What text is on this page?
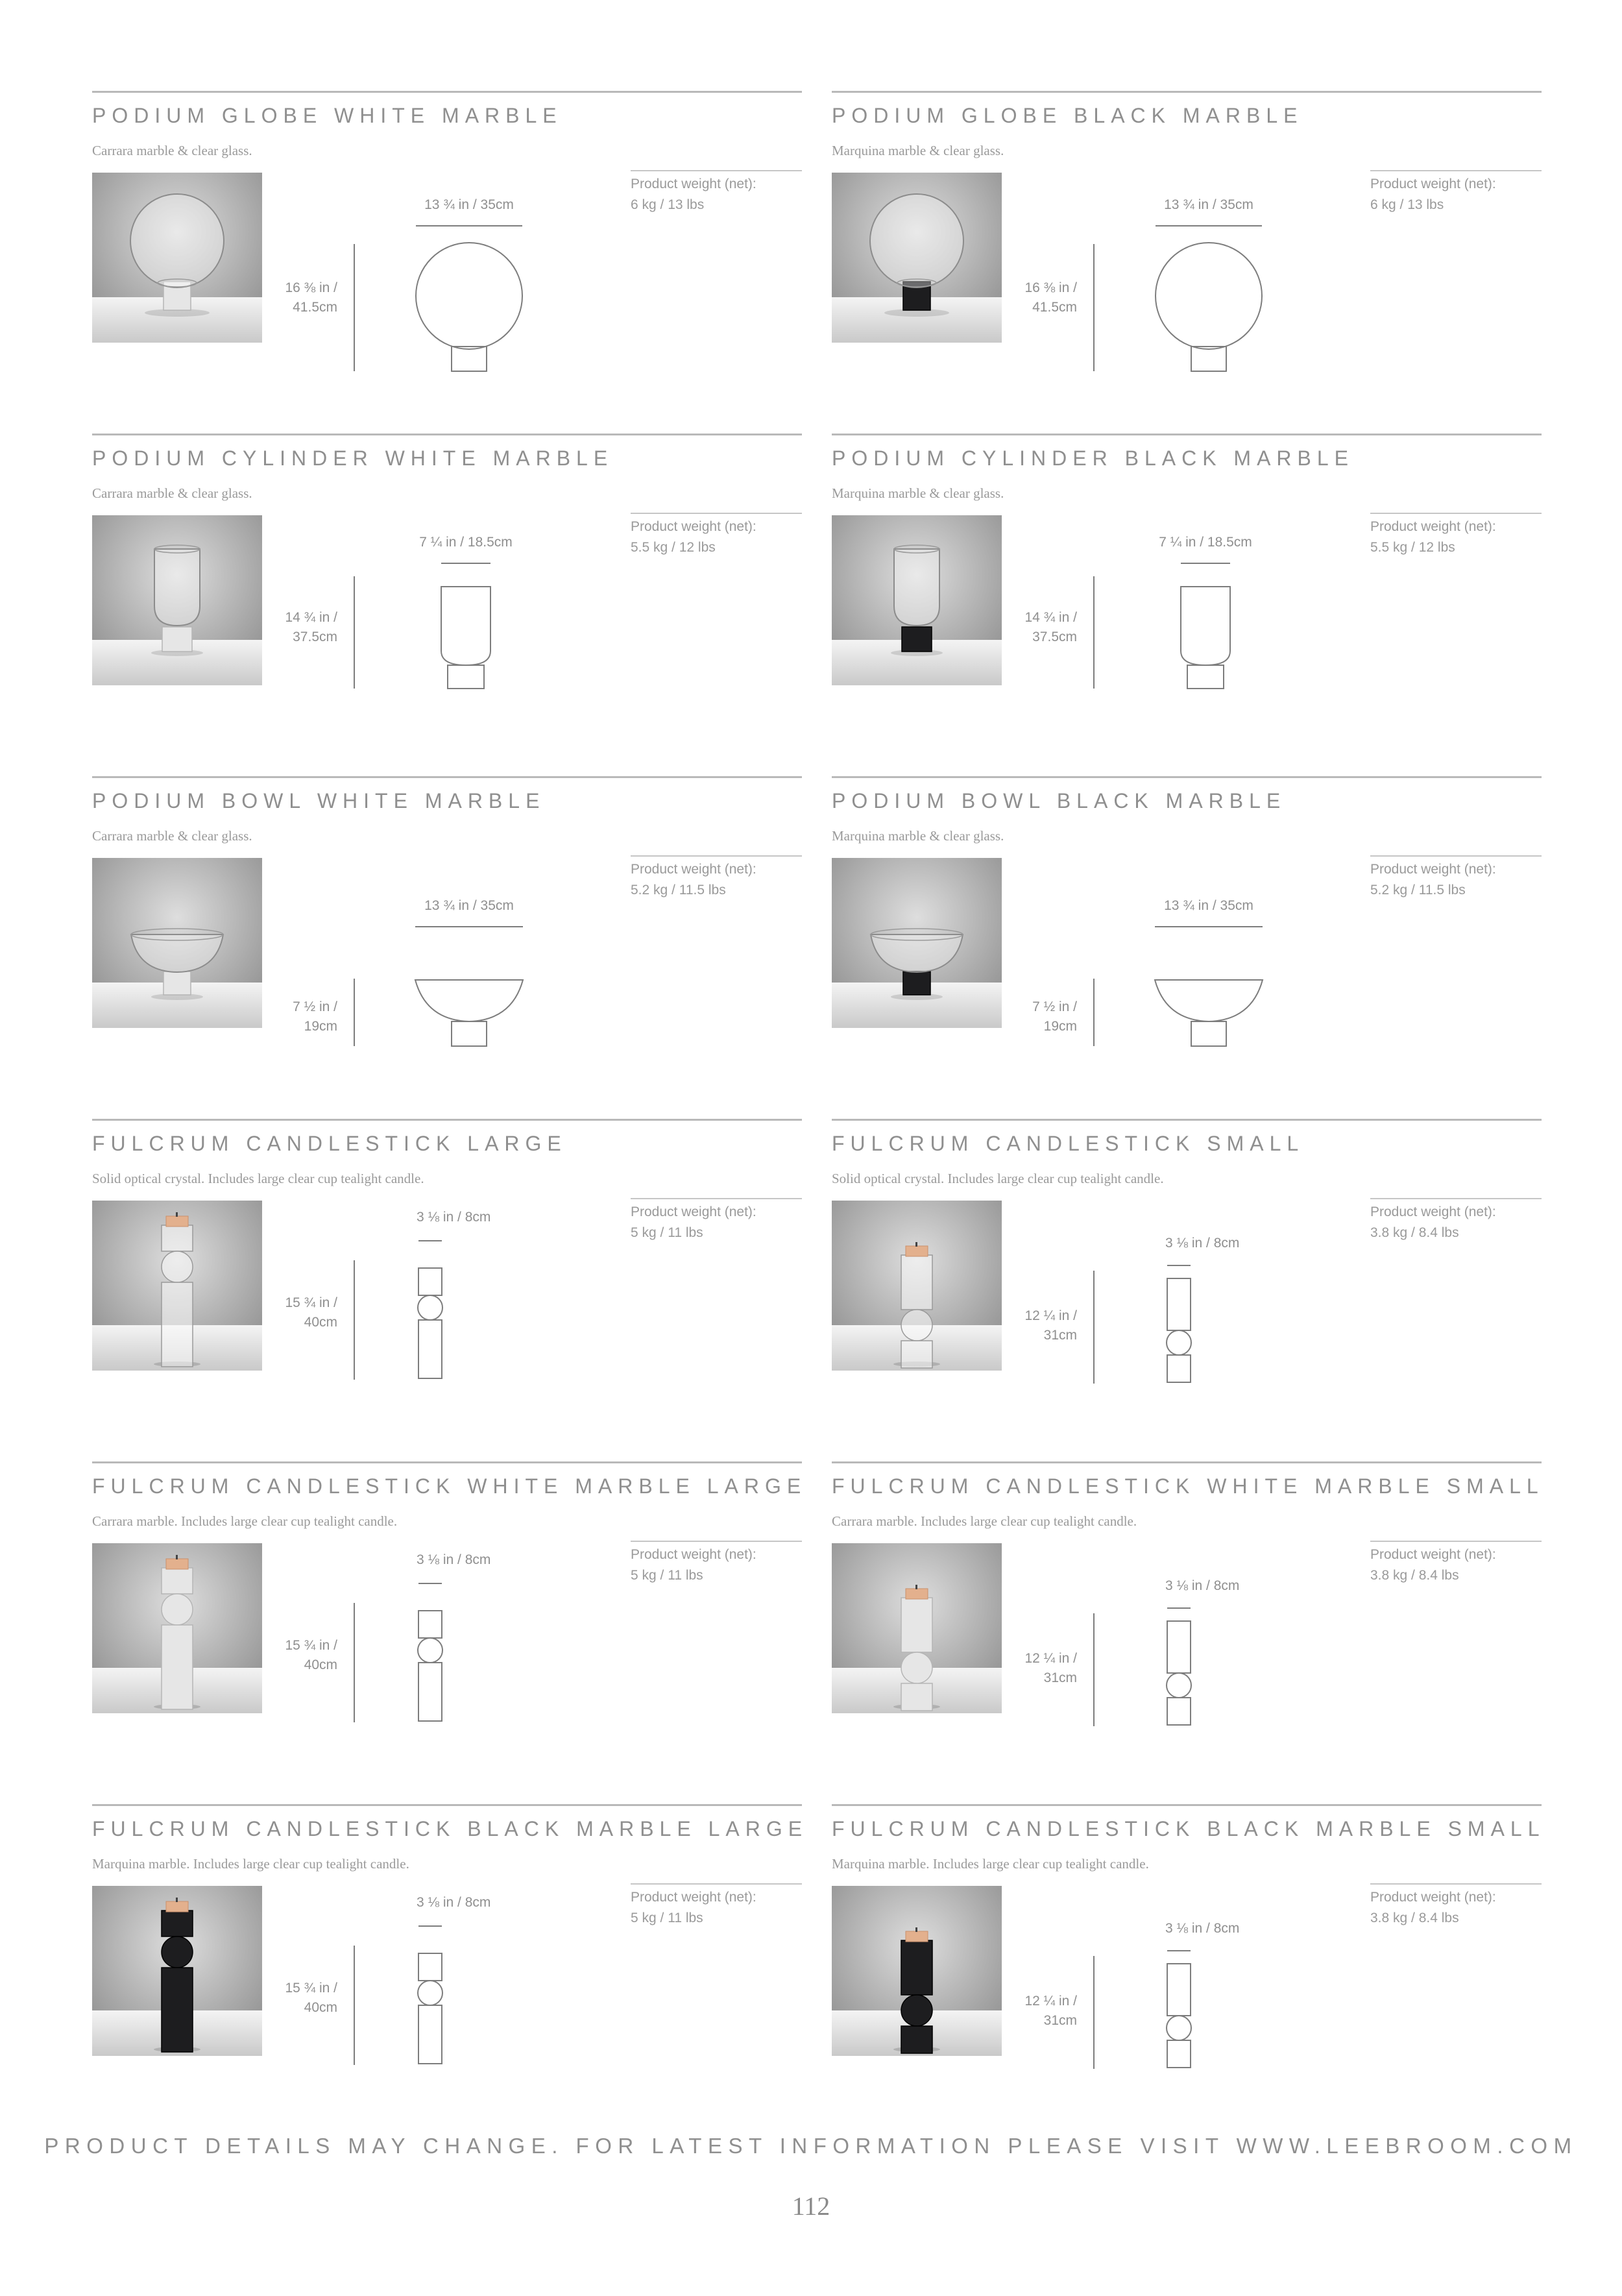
PODIUM GLOBE WHITE MARBLE
Carrara marble & clear glass.
13 ¾ in / 35cm
16 ⅜ in /
41.5cm
Product weight (net):
6 kg / 13 lbs
PODIUM GLOBE BLACK MARBLE
Marquina marble & clear glass.
13 ¾ in / 35cm
16 ⅜ in /
41.5cm
Product weight (net):
6 kg / 13 lbs
PODIUM CYLINDER WHITE MARBLE
Carrara marble & clear glass.
7 ¼ in / 18.5cm
14 ¾ in /
37.5cm
Product weight (net):
5.5 kg / 12 lbs
PODIUM CYLINDER BLACK MARBLE
Marquina marble & clear glass.
7 ¼ in / 18.5cm
14 ¾ in /
37.5cm
Product weight (net):
5.5 kg / 12 lbs
PODIUM BOWL WHITE MARBLE
Carrara marble & clear glass.
13 ¾ in / 35cm
7 ½ in /
19cm
Product weight (net):
5.2 kg / 11.5 lbs
PODIUM BOWL BLACK MARBLE
Marquina marble & clear glass.
13 ¾ in / 35cm
7 ½ in /
19cm
Product weight (net):
5.2 kg / 11.5 lbs
FULCRUM CANDLESTICK LARGE
Solid optical crystal. Includes large clear cup tealight candle.
3 ⅛ in / 8cm
15 ¾ in /
40cm
Product weight (net):
5 kg / 11 lbs
FULCRUM CANDLESTICK SMALL
Solid optical crystal. Includes large clear cup tealight candle.
3 ⅛ in / 8cm
12 ¼ in /
31cm
Product weight (net):
3.8 kg / 8.4 lbs
FULCRUM CANDLESTICK WHITE MARBLE LARGE
Carrara marble. Includes large clear cup tealight candle.
3 ⅛ in / 8cm
15 ¾ in /
40cm
Product weight (net):
5 kg / 11 lbs
FULCRUM CANDLESTICK WHITE MARBLE SMALL
Carrara marble. Includes large clear cup tealight candle.
3 ⅛ in / 8cm
12 ¼ in /
31cm
Product weight (net):
3.8 kg / 8.4 lbs
FULCRUM CANDLESTICK BLACK MARBLE LARGE
Marquina marble. Includes large clear cup tealight candle.
3 ⅛ in / 8cm
15 ¾ in /
40cm
Product weight (net):
5 kg / 11 lbs
FULCRUM CANDLESTICK BLACK MARBLE SMALL
Marquina marble. Includes large clear cup tealight candle.
3 ⅛ in / 8cm
12 ¼ in /
31cm
Product weight (net):
3.8 kg / 8.4 lbs
PRODUCT DETAILS MAY CHANGE. FOR LATEST INFORMATION PLEASE VISIT WWW.LEEBROOM.COM
112
